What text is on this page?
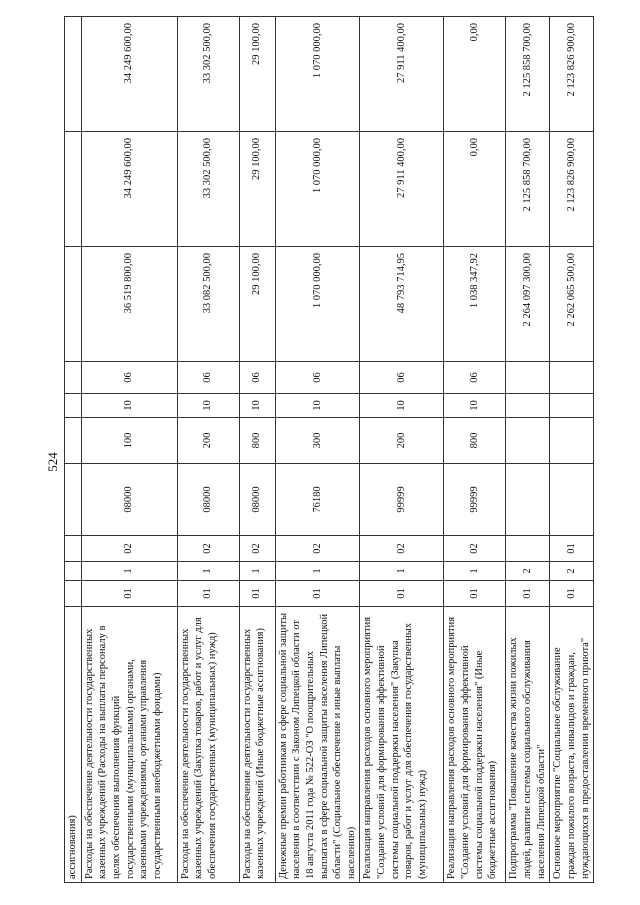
524
ассигнования)										
Расходы на обеспечение деятельности государственных казенных учреждений (Расходы на выплаты персоналу в целях обеспечения выполнения функций государственными (муниципальными) органами, казенными учреждениями, органами управления государственными внебюджетными фондами)	01	1	02	08000	100	10	06	36 519 800,00	34 249 600,00	34 249 600,00
Расходы на обеспечение деятельности государственных казенных учреждений (Закупка товаров, работ и услуг для обеспечения государственных (муниципальных) нужд)	01	1	02	08000	200	10	06	33 082 500,00	33 302 500,00	33 302 500,00
Расходы на обеспечение деятельности государственных казенных учреждений (Иные бюджетные ассигнования)	01	1	02	08000	800	10	06	29 100,00	29 100,00	29 100,00
Денежные премии работникам в сфере социальной защиты населения в соответствии с Законом Липецкой области от 18 августа 2011 года № 522-ОЗ "О поощрительных выплатах в сфере социальной защиты населения Липецкой области" (Социальное обеспечение и иные выплаты населению)	01	1	02	76180	300	10	06	1 070 000,00	1 070 000,00	1 070 000,00
Реализация направления расходов основного мероприятия "Создание условий для формирования эффективной системы социальной поддержки населения" (Закупка товаров, работ и услуг для обеспечения государственных (муниципальных) нужд)	01	1	02	99999	200	10	06	48 793 714,95	27 911 400,00	27 911 400,00
Реализация направления расходов основного мероприятия "Создание условий для формирования эффективной системы социальной поддержки населения" (Иные бюджетные ассигнования)	01	1	02	99999	800	10	06	1 038 347,92	0,00	0,00
Подпрограмма "Повышение качества жизни пожилых людей, развитие системы социального обслуживания населения Липецкой области"	01	2						2 264 097 300,00	2 125 858 700,00	2 125 858 700,00
Основное мероприятие "Социальное обслуживание граждан пожилого возраста, инвалидов и граждан, нуждающихся в предоставлении временного приюта"	01	2	01					2 262 065 500,00	2 123 826 900,00	2 123 826 900,00
